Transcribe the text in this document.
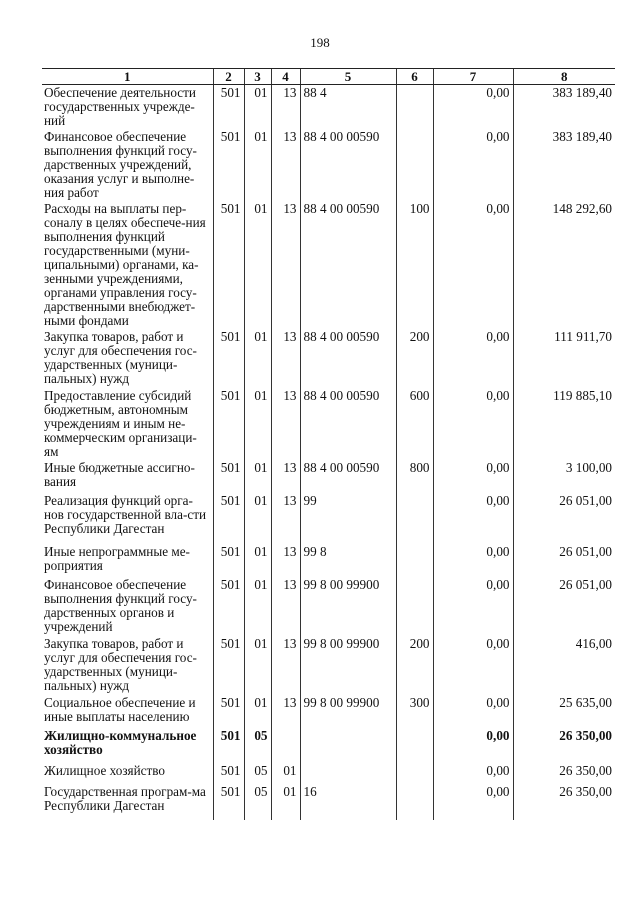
198
1	2	3	4	5	6	7	8
Обеспечение деятельности государственных учрежде-ний	501	01	13	88 4		0,00	383 189,40
Финансовое обеспечение выполнения функций госу-дарственных учреждений, оказания услуг и выполне-ния работ	501	01	13	88 4 00 00590		0,00	383 189,40
Расходы на выплаты пер-соналу в целях обеспече-ния выполнения функций государственными (муни-ципальными) органами, ка-зенными учреждениями, органами управления госу-дарственными внебюджет-ными фондами	501	01	13	88 4 00 00590	100	0,00	148 292,60
Закупка товаров, работ и услуг для обеспечения гос-ударственных (муници-пальных) нужд	501	01	13	88 4 00 00590	200	0,00	111 911,70
Предоставление субсидий бюджетным, автономным учреждениям и иным не-коммерческим организаци-ям	501	01	13	88 4 00 00590	600	0,00	119 885,10
Иные бюджетные ассигно-вания	501	01	13	88 4 00 00590	800	0,00	3 100,00
Реализация функций орга-нов государственной вла-сти Республики Дагестан	501	01	13	99		0,00	26 051,00
Иные непрограммные ме-роприятия	501	01	13	99 8		0,00	26 051,00
Финансовое обеспечение выполнения функций госу-дарственных органов и учреждений	501	01	13	99 8 00 99900		0,00	26 051,00
Закупка товаров, работ и услуг для обеспечения гос-ударственных (муници-пальных) нужд	501	01	13	99 8 00 99900	200	0,00	416,00
Социальное обеспечение и иные выплаты населению	501	01	13	99 8 00 99900	300	0,00	25 635,00
Жилищно-коммунальное хозяйство	501	05				0,00	26 350,00
Жилищное хозяйство	501	05	01			0,00	26 350,00
Государственная програм-ма Республики Дагестан	501	05	01	16		0,00	26 350,00
